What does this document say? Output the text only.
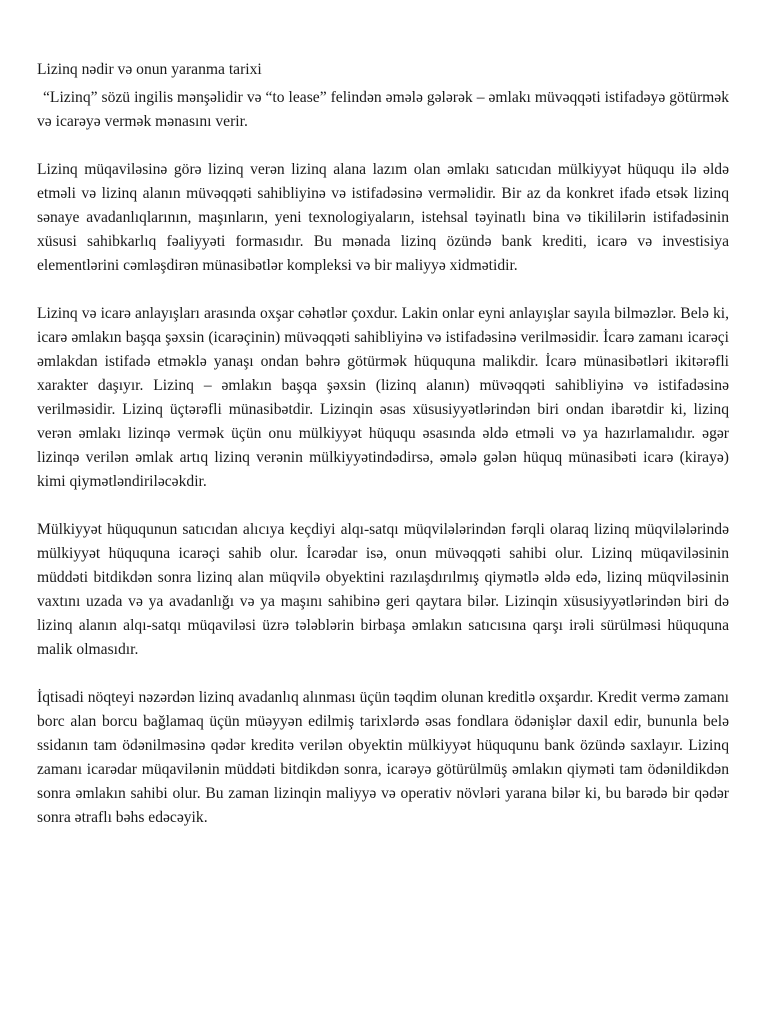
Lizinq nədir və onun yaranma tarixi

“Lizinq” sözü ingilis mənşəlidir və “to lease” felindən əmələ gələrək – əmlakı müvəqqəti istifadəyə götürmək və icarəyə vermək mənasını verir.

Lizinq müqaviləsinə görə lizinq verən lizinq alana lazım olan əmlakı satıcıdan mülkiyyət hüququ ilə əldə etməli və lizinq alanın müvəqqəti sahibliyinə və istifadəsinə verməlidir. Bir az da konkret ifadə etsək lizinq sənaye avadanlıqlarının, maşınların, yeni texnologiyaların, istehsal təyinatlı bina və tikililərin istifadəsinin xüsusi sahibkarlıq fəaliyyəti formasıdır. Bu mənada lizinq özündə bank krediti, icarə və investisiya elementlərini cəmləşdirən münasibətlər kompleksi və bir maliyyə xidmətidir.

Lizinq və icarə anlayışları arasında oxşar cəhətlər çoxdur. Lakin onlar eyni anlayışlar sayıla bilməzlər. Belə ki, icarə əmlakın başqa şəxsin (icarəçinin) müvəqqəti sahibliyinə və istifadəsinə verilməsidir. İcarə zamanı icarəçi əmlakdan istifadə etməklə yanaşı ondan bəhrə götürmək hüququna malikdir. İcarə münasibətləri ikitərəfli xarakter daşıyır. Lizinq – əmlakın başqa şəxsin (lizinq alanın) müvəqqəti sahibliyinə və istifadəsinə verilməsidir. Lizinq üçtərəfli münasibətdir. Lizinqin əsas xüsusiyyətlərindən biri ondan ibarətdir ki, lizinq verən əmlakı lizinqə vermək üçün onu mülkiyyət hüququ əsasında əldə etməli və ya hazırlamalıdır. əgər lizinqə verilən əmlak artıq lizinq verənin mülkiyyətindədirsə, əmələ gələn hüquq münasibəti icarə (kirayə) kimi qiymətləndiriləcəkdir.

Mülkiyyət hüququnun satıcıdan alıcıya keçdiyi alqı-satqı müqvilələrindən fərqli olaraq lizinq müqvilələrində mülkiyyət hüququna icarəçi sahib olur. İcarədar isə, onun müvəqqəti sahibi olur. Lizinq müqaviləsinin müddəti bitdikdən sonra lizinq alan müqvilə obyektini razılaşdırılmış qiymətlə əldə edə, lizinq müqviləsinin vaxtını uzada və ya avadanlığı və ya maşını sahibinə geri qaytara bilər. Lizinqin xüsusiyyətlərindən biri də lizinq alanın alqı-satqı müqaviləsi üzrə tələblərin birbaşa əmlakın satıcısına qarşı irəli sürülməsi hüququna malik olmasıdır.

İqtisadi nöqteyi nəzərdən lizinq avadanlıq alınması üçün təqdim olunan kreditlə oxşardır. Kredit vermə zamanı borc alan borcu bağlamaq üçün müəyyən edilmiş tarixlərdə əsas fondlara ödənişlər daxil edir, bununla belə ssidanın tam ödənilməsinə qədər kreditə verilən obyektin mülkiyyət hüququnu bank özündə saxlayır. Lizinq zamanı icarədar müqavilənin müddəti bitdikdən sonra, icarəyə götürülmüş əmlakın qiyməti tam ödənildikdən sonra əmlakın sahibi olur. Bu zaman lizinqin maliyyə və operativ növləri yarana bilər ki, bu barədə bir qədər sonra ətraflı bəhs edəcəyik.
